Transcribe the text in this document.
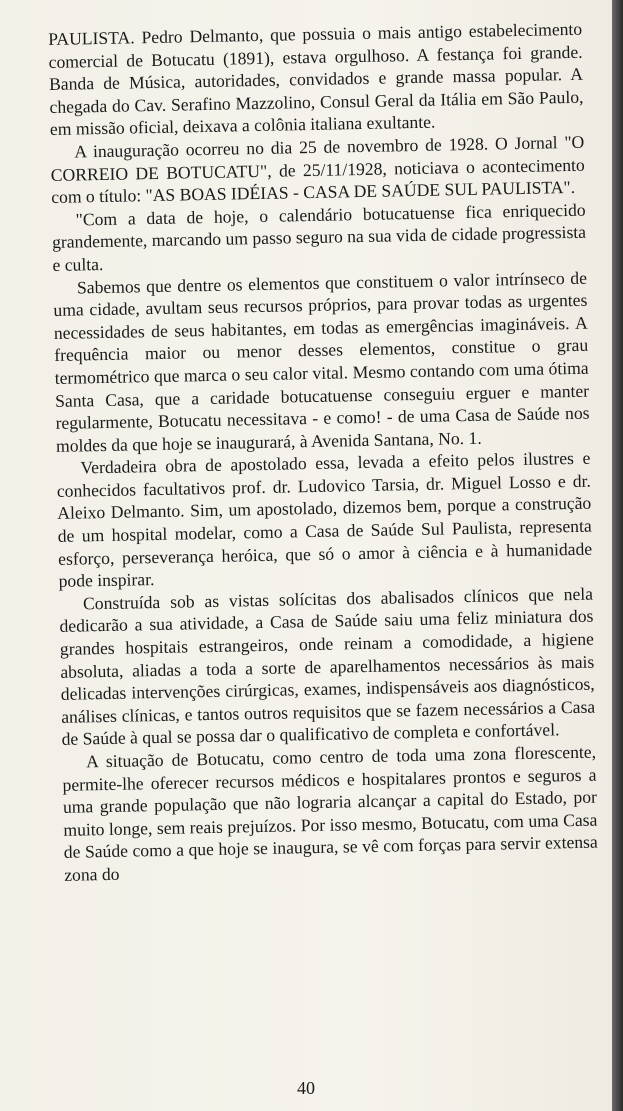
PAULISTA. Pedro Delmanto, que possuia o mais antigo estabelecimento comercial de Botucatu (1891), estava orgulhoso. A festança foi grande. Banda de Música, autoridades, convidados e grande massa popular. A chegada do Cav. Serafino Mazzolino, Consul Geral da Itália em São Paulo, em missão oficial, deixava a colônia italiana exultante.

A inauguração ocorreu no dia 25 de novembro de 1928. O Jornal "O CORREIO DE BOTUCATU", de 25/11/1928, noticiava o acontecimento com o título: "AS BOAS IDÉIAS - CASA DE SAÚDE SUL PAULISTA".

"Com a data de hoje, o calendário botucatuense fica enriquecido grandemente, marcando um passo seguro na sua vida de cidade progressista e culta.

Sabemos que dentre os elementos que constituem o valor intrínseco de uma cidade, avultam seus recursos próprios, para provar todas as urgentes necessidades de seus habitantes, em todas as emergências imagináveis. A frequência maior ou menor desses elementos, constitue o grau termométrico que marca o seu calor vital. Mesmo contando com uma ótima Santa Casa, que a caridade botucatuense conseguiu erguer e manter regularmente, Botucatu necessitava - e como! - de uma Casa de Saúde nos moldes da que hoje se inaugurará, à Avenida Santana, No. 1.

Verdadeira obra de apostolado essa, levada a efeito pelos ilustres e conhecidos facultativos prof. dr. Ludovico Tarsia, dr. Miguel Losso e dr. Aleixo Delmanto. Sim, um apostolado, dizemos bem, porque a construção de um hospital modelar, como a Casa de Saúde Sul Paulista, representa esforço, perseverança heróica, que só o amor à ciência e à humanidade pode inspirar.

Construída sob as vistas solícitas dos abalisados clínicos que nela dedicarão a sua atividade, a Casa de Saúde saiu uma feliz miniatura dos grandes hospitais estrangeiros, onde reinam a comodidade, a higiene absoluta, aliadas a toda a sorte de aparelhamentos necessários às mais delicadas intervenções cirúrgicas, exames, indispensáveis aos diagnósticos, análises clínicas, e tantos outros requisitos que se fazem necessários a Casa de Saúde à qual se possa dar o qualificativo de completa e confortável.

A situação de Botucatu, como centro de toda uma zona florescente, permite-lhe oferecer recursos médicos e hospitalares prontos e seguros a uma grande população que não lograria alcançar a capital do Estado, por muito longe, sem reais prejuízos. Por isso mesmo, Botucatu, com uma Casa de Saúde como a que hoje se inaugura, se vê com forças para servir extensa zona do

40
